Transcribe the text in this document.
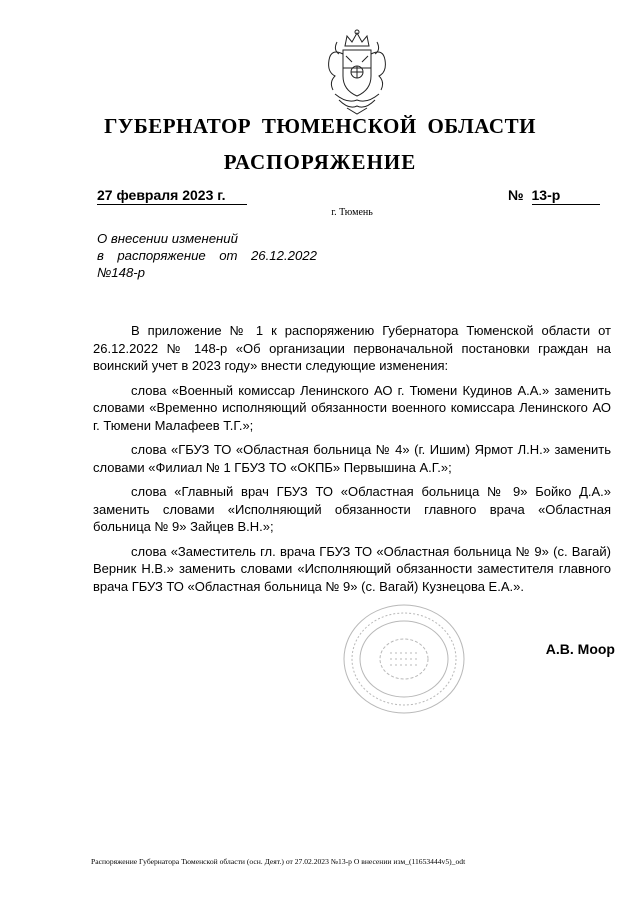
ГУБЕРНАТОР ТЮМЕНСКОЙ ОБЛАСТИ
РАСПОРЯЖЕНИЕ
27 февраля 2023 г.	№ 13-р
г. Тюмень
О внесении изменений
в распоряжение от 26.12.2022
№148-р

В приложение № 1 к распоряжению Губернатора Тюменской области от 26.12.2022 № 148-р «Об организации первоначальной постановки граждан на воинский учет в 2023 году» внести следующие изменения:

слова «Военный комиссар Ленинского АО г. Тюмени Кудинов А.А.» заменить словами «Временно исполняющий обязанности военного комиссара Ленинского АО г. Тюмени Малафеев Т.Г.»;

слова «ГБУЗ ТО «Областная больница № 4» (г. Ишим) Ярмот Л.Н.» заменить словами «Филиал № 1 ГБУЗ ТО «ОКПБ» Первышина А.Г.»;

слова «Главный врач ГБУЗ ТО «Областная больница № 9» Бойко Д.А.» заменить словами «Исполняющий обязанности главного врача «Областная больница № 9» Зайцев В.Н.»;

слова «Заместитель гл. врача ГБУЗ ТО «Областная больница № 9» (с. Вагай) Верник Н.В.» заменить словами «Исполняющий обязанности заместителя главного врача ГБУЗ ТО «Областная больница № 9» (с. Вагай) Кузнецова Е.А.».

А.В. Моор
Распоряжение Губернатора Тюменской области (осн. Деят.) от 27.02.2023 №13-р О внесении изм_(11653444v5)_odt
